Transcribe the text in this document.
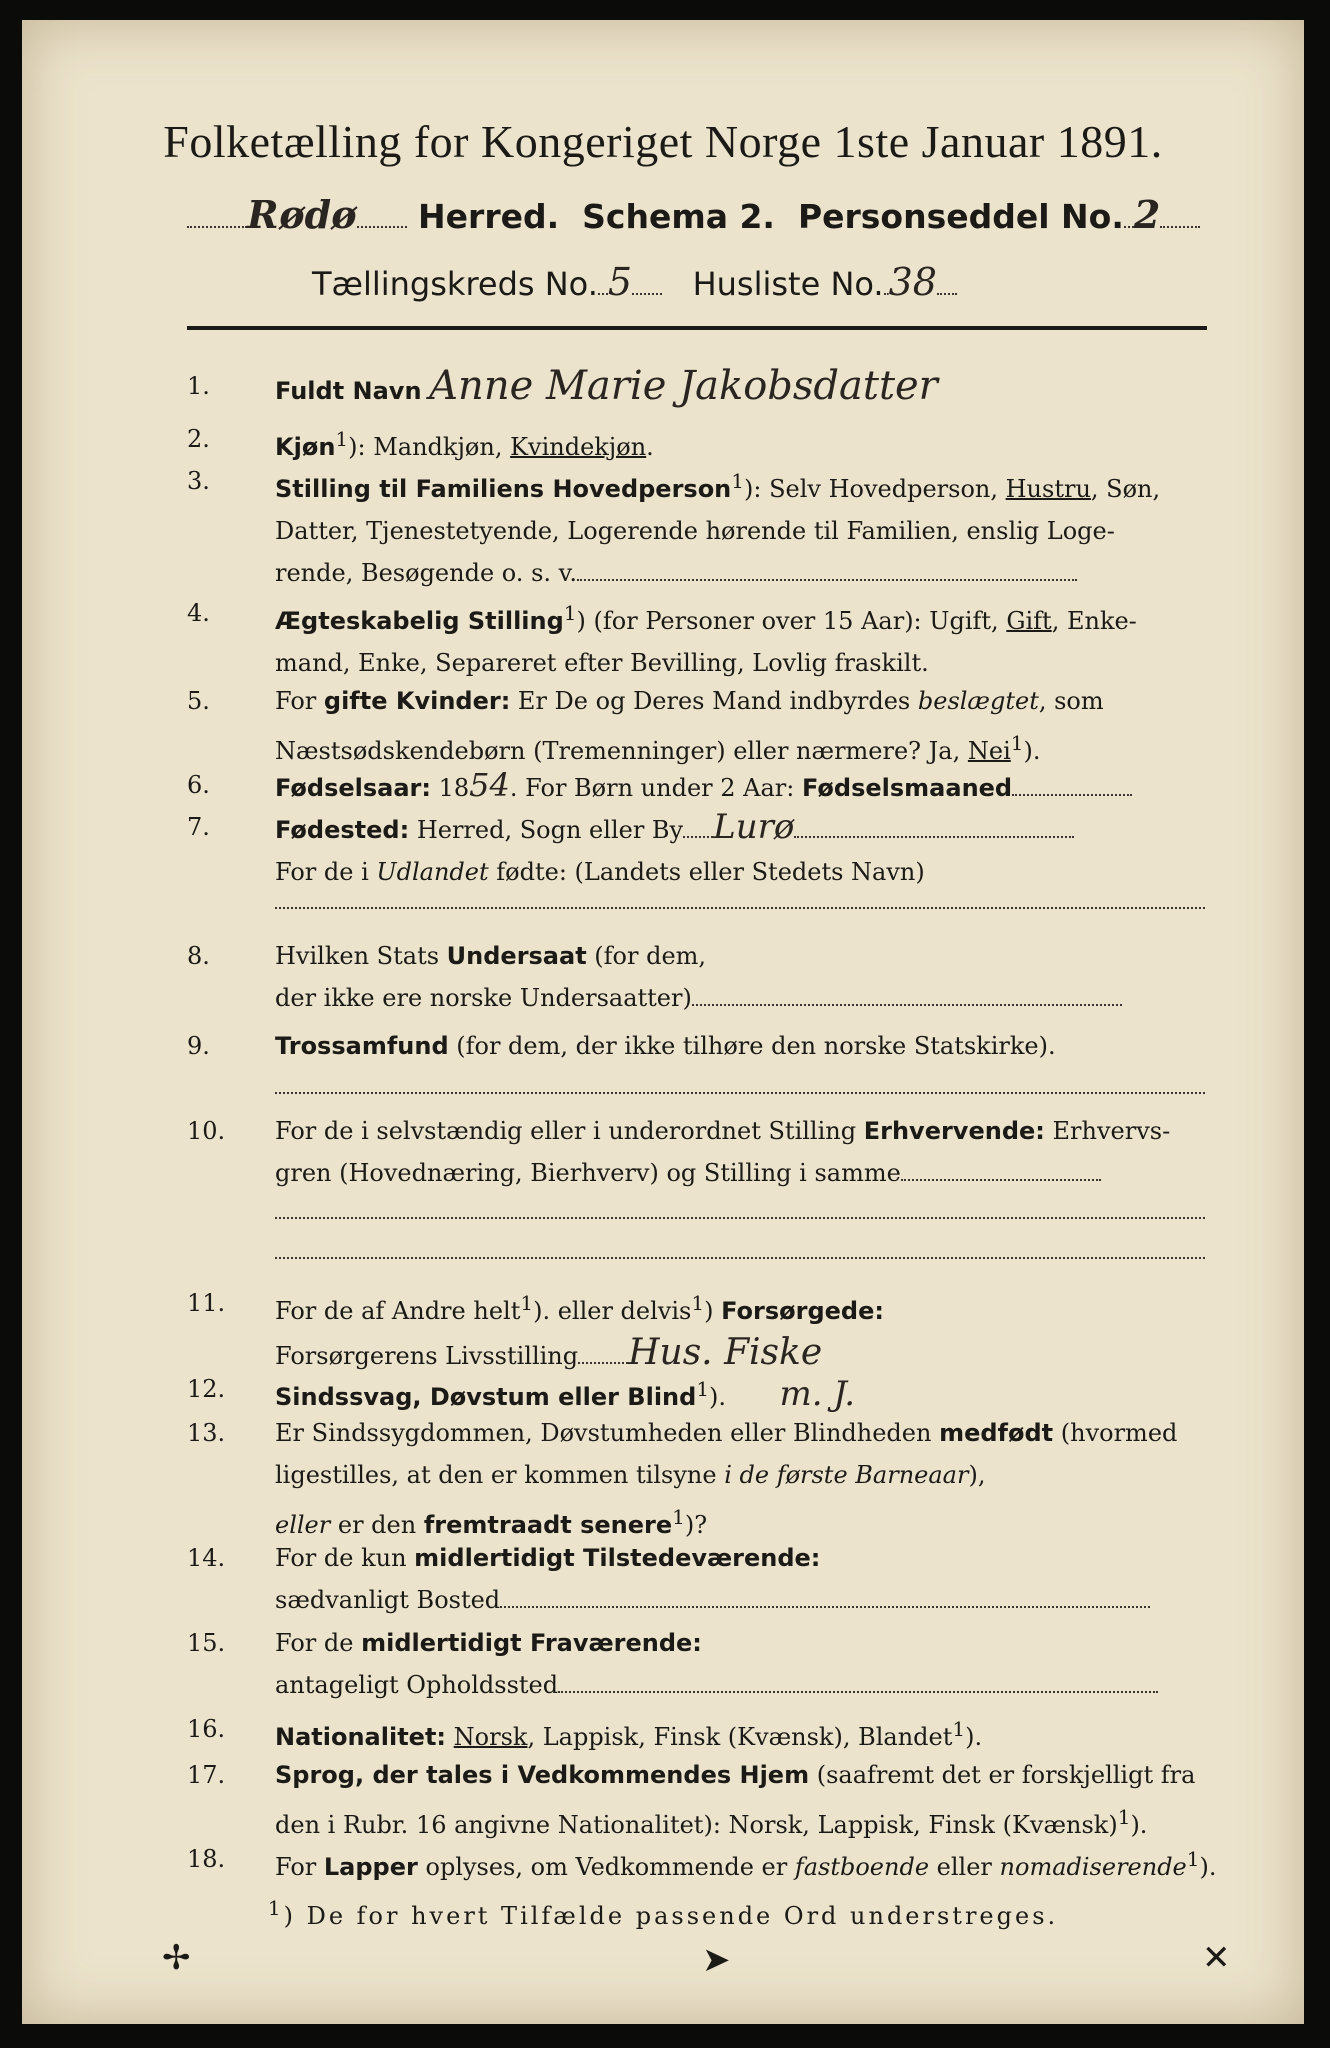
Folketælling for Kongeriget Norge 1ste Januar 1891.
Rødø Herred. Schema 2. Personseddel No. 2
Tællingskreds No. 5 Husliste No. 38
1.	Fuldt Navn Anne Marie Jakobsdatter
2.	Kjøn$^1$): Mandkjøn, Kvindekjøn.
3.	Stilling til Familiens Hovedperson$^1$): Selv Hovedperson, Hustru, Søn,
Datter, Tjenestetyende, Logerende hørende til Familien, enslig Loge-
rende, Besøgende o. s. v.
4.	Ægteskabelig Stilling$^1$) (for Personer over 15 Aar): Ugift, Gift, Enke-
mand, Enke, Separeret efter Bevilling, Lovlig fraskilt.
5.	For gifte Kvinder: Er De og Deres Mand indbyrdes beslægtet, som
Næstsødskendebørn (Tremenninger) eller nærmere? Ja, Nei$^1$).
6.	Fødselsaar: 1854. For Børn under 2 Aar: Fødselsmaaned
7.	Fødested: Herred, Sogn eller By Lurø
For de i Udlandet fødte: (Landets eller Stedets Navn)
8.	Hvilken Stats Undersaat (for dem,
der ikke ere norske Undersaatter)
9.	Trossamfund (for dem, der ikke tilhøre den norske Statskirke).
10.	For de i selvstændig eller i underordnet Stilling Erhvervende: Erhvervs-
gren (Hovednæring, Bierhverv) og Stilling i samme
11.	For de af Andre helt$^1$). eller delvis$^1$) Forsørgede:
Forsørgerens Livsstilling Hus. Fiske
12.	Sindssvag, Døvstum eller Blind$^1$). m. J.
13.	Er Sindssygdommen, Døvstumheden eller Blindheden medfødt (hvormed
ligestilles, at den er kommen tilsyne i de første Barneaar),
eller er den fremtraadt senere$^1$)?
14.	For de kun midlertidigt Tilstedeværende:
sædvanligt Bosted
15.	For de midlertidigt Fraværende:
antageligt Opholdssted
16.	Nationalitet: Norsk, Lappisk, Finsk (Kvænsk), Blandet$^1$).
17.	Sprog, der tales i Vedkommendes Hjem (saafremt det er forskjelligt fra
den i Rubr. 16 angivne Nationalitet): Norsk, Lappisk, Finsk (Kvænsk)$^1$).
18.	For Lapper oplyses, om Vedkommende er fastboende eller nomadiserende$^1$).
$^1$) De for hvert Tilfælde passende Ord understreges.
✢	➤	✕
